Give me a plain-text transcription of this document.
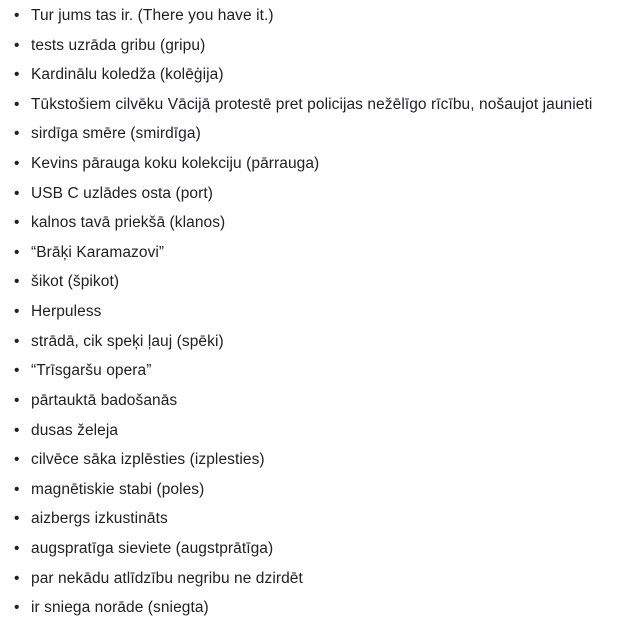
• Tur jums tas ir. (There you have it.)
• tests uzrāda gribu (gripu)
• Kardinālu koledža (kolēģija)
• Tūkstošiem cilvēku Vācijā protestē pret policijas nežēlīgo rīcību, nošaujot jaunieti
• sirdīga smēre (smirdīga)
• Kevins pārauga koku kolekciju (pārrauga)
• USB C uzlādes osta (port)
• kalnos tavā priekšā (klanos)
• “Brāķi Karamazovi”
• šikot (špikot)
• Herpuless
• strādā, cik speķi ļauj (spēki)
• “Trīsgaršu opera”
• pārtauktā badošanās
• dusas želeja
• cilvēce sāka izplēsties (izplesties)
• magnētiskie stabi (poles)
• aizbergs izkustināts
• augspratīga sieviete (augstprātīga)
• par nekādu atlīdzību negribu ne dzirdēt
• ir sniega norāde (sniegta)
